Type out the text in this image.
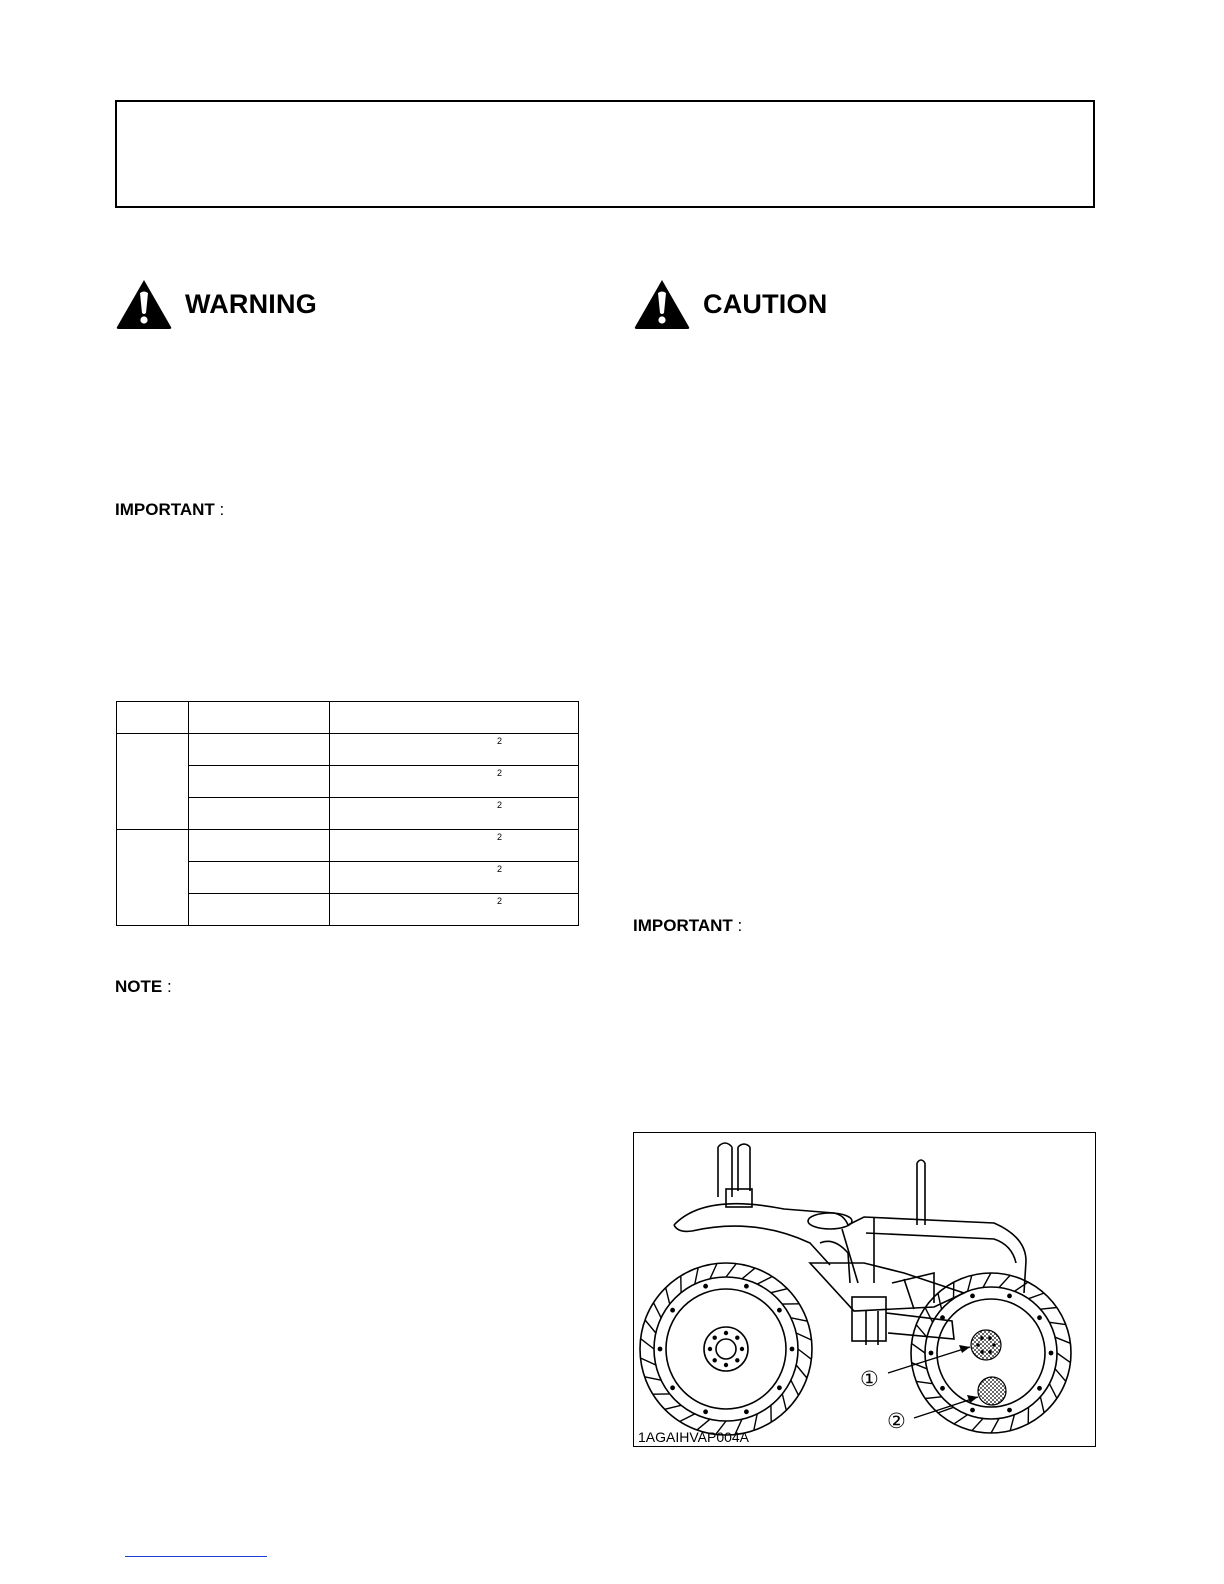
WARNING	CAUTION
IMPORTANT :

		2

		2

		2

		2

		2

		2
NOTE :
IMPORTANT :
①
②
1AGAIHVAP004A
